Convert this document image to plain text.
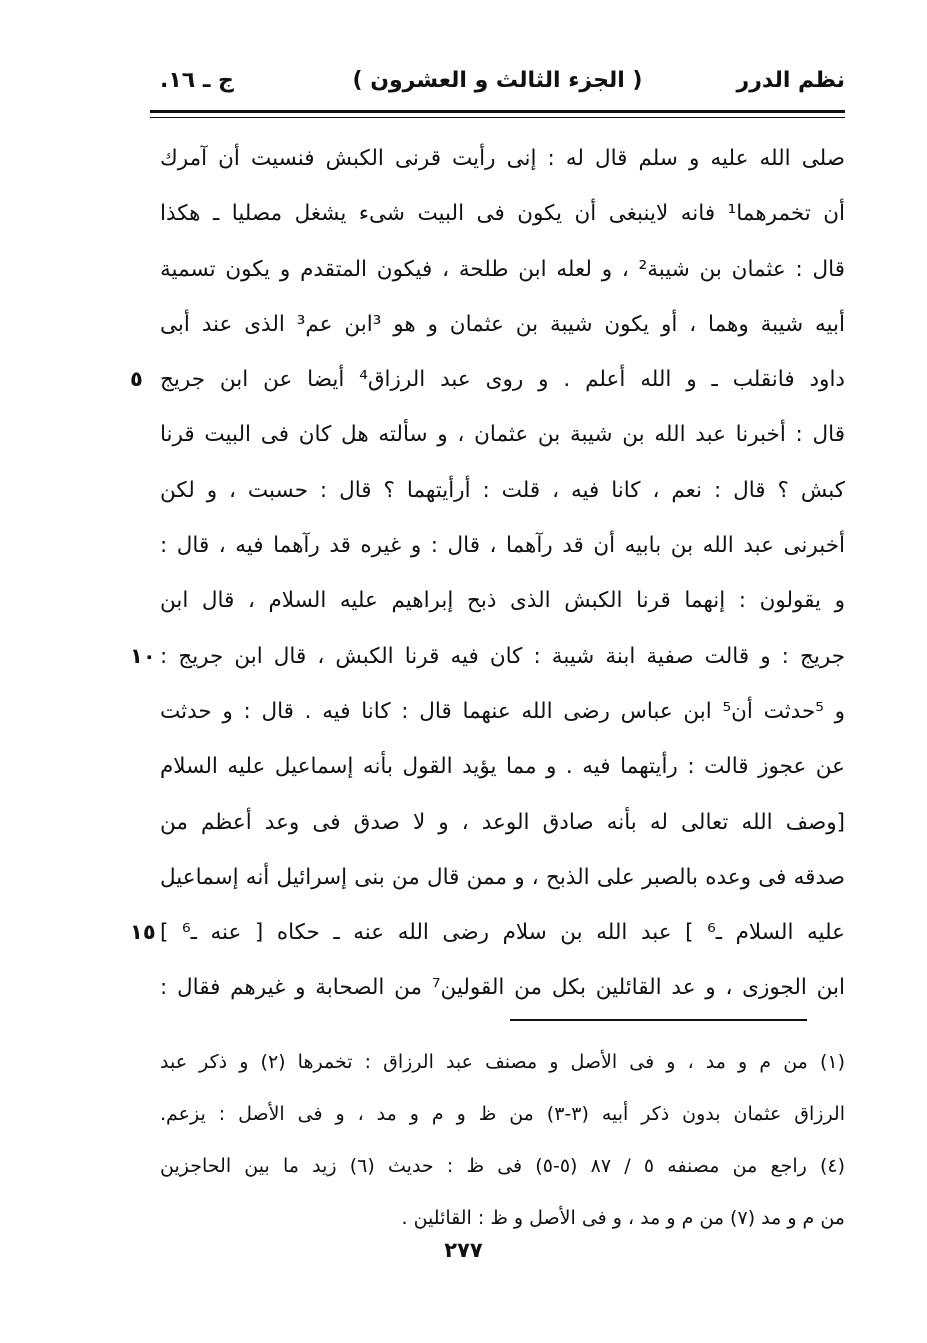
نظم الدرر
( الجزء الثالث و العشرون )
ج ـ ١٦.
صلى الله عليه و سلم قال له : إنى رأيت قرنى الكبش فنسيت أن آمرك
أن تخمرهما¹ فانه لاينبغى أن يكون فى البيت شىء يشغل مصليا ـ هكذا
قال : عثمان بن شيبة² ، و لعله ابن طلحة ، فيكون المتقدم و يكون تسمية
أبيه شيبة وهما ، أو يكون شيبة بن عثمان و هو ³ابن عم³ الذى عند أبى
داود فانقلب ـ و الله أعلم . و روى عبد الرزاق⁴ أيضا عن ابن جريج
٥
قال : أخبرنا عبد الله بن شيبة بن عثمان ، و سألته هل كان فى البيت قرنا
كبش ؟ قال : نعم ، كانا فيه ، قلت : أرأيتهما ؟ قال : حسبت ، و لكن
أخبرنى عبد الله بن بابيه أن قد رآهما ، قال : و غيره قد رآهما فيه ، قال :
و يقولون : إنهما قرنا الكبش الذى ذبح إبراهيم عليه السلام ، قال ابن
جريج : و قالت صفية ابنة شيبة : كان فيه قرنا الكبش ، قال ابن جريج :
١٠
و ⁵حدثت أن⁵ ابن عباس رضى الله عنهما قال : كانا فيه . قال : و حدثت
عن عجوز قالت : رأيتهما فيه . و مما يؤيد القول بأنه إسماعيل عليه السلام
[وصف الله تعالى له بأنه صادق الوعد ، و لا صدق فى وعد أعظم من
صدقه فى وعده بالصبر على الذبح ، و ممن قال من بنى إسرائيل أنه إسماعيل
عليه السلام ـ⁶ ] عبد الله بن سلام رضى الله عنه ـ حكاه [ عنه ـ⁶ ]
١٥
ابن الجوزى ، و عد القائلين بكل من القولين⁷ من الصحابة و غيرهم فقال :
(١) من م و مد ، و فى الأصل و مصنف عبد الرزاق : تخمرها (٢) و ذكر عبد
الرزاق عثمان بدون ذكر أبيه (٣-٣) من ظ و م و مد ، و فى الأصل : يزعم.
(٤) راجع من مصنفه ٥ / ٨٧ (٥-٥) فى ظ : حديث (٦) زيد ما بين الحاجزين
من م و مد (٧) من م و مد ، و فى الأصل و ظ : القائلين .
٢٧٧
